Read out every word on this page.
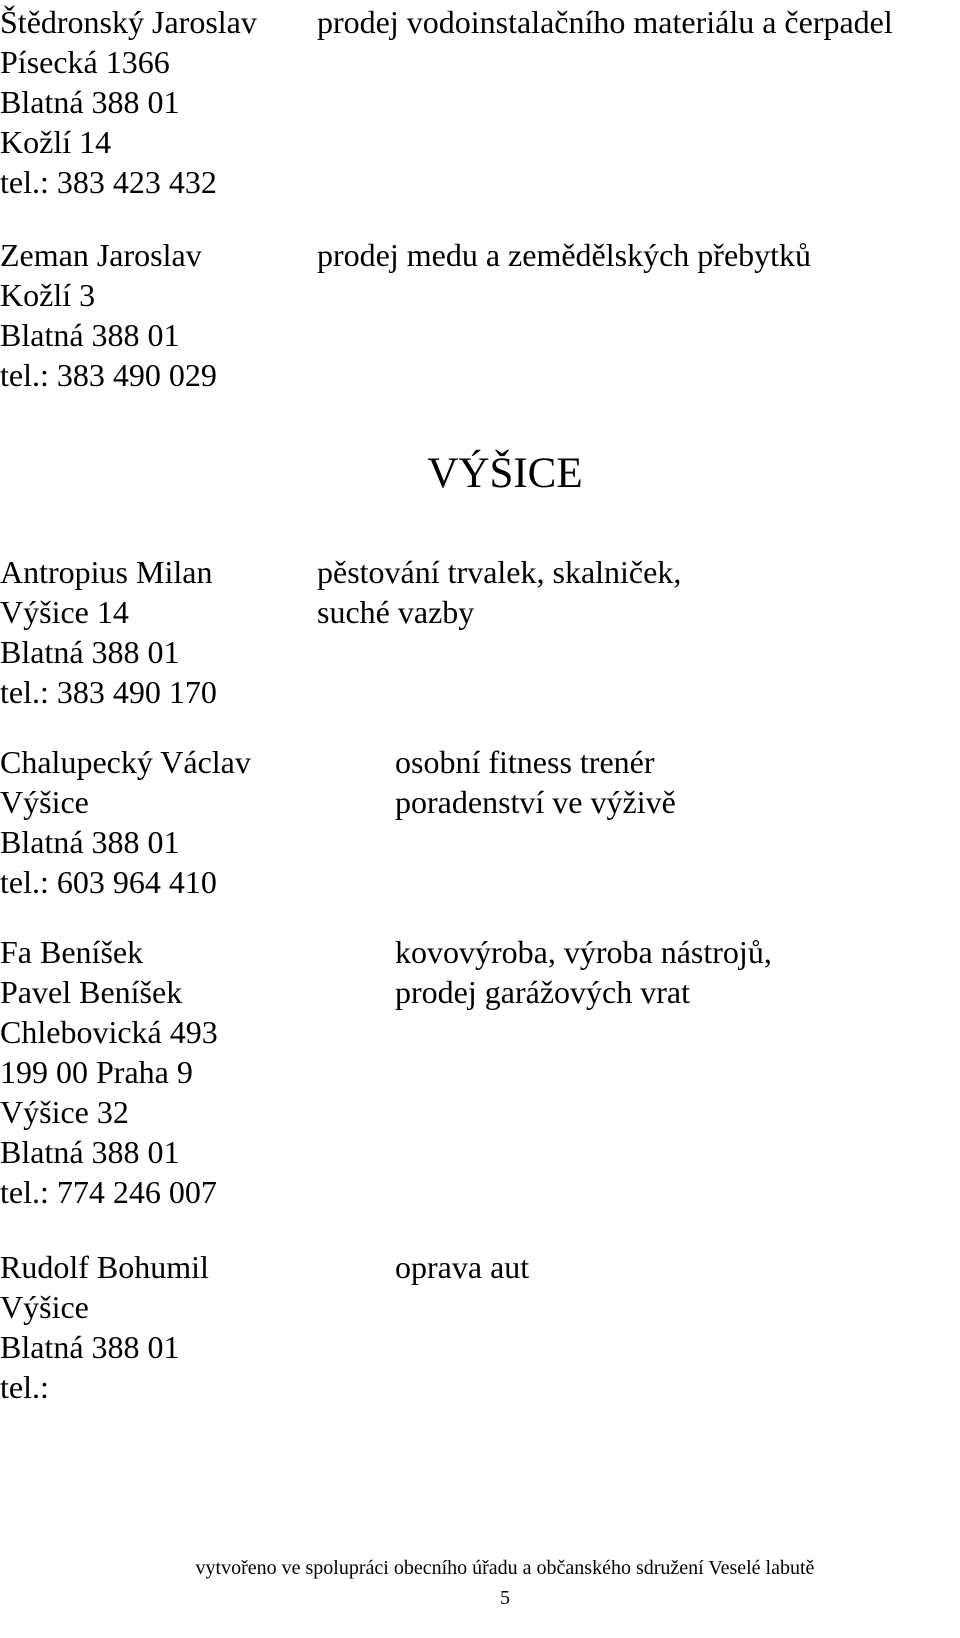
Štědronský Jaroslav
Písecká 1366
Blatná 388 01
Kožlí 14
tel.: 383 423 432
prodej vodoinstalačního materiálu a čerpadel
Zeman Jaroslav
Kožlí 3
Blatná 388 01
tel.: 383 490 029
prodej medu a zemědělských přebytků
VÝŠICE
Antropius Milan
Výšice 14
Blatná 388 01
tel.: 383 490 170
pěstování trvalek, skalniček,
suché vazby
Chalupecký Václav
Výšice
Blatná 388 01
tel.: 603 964 410
osobní fitness trenér
poradenství ve výživě
Fa Beníšek
Pavel Beníšek
Chlebovická 493
199 00 Praha 9
Výšice 32
Blatná 388 01
tel.: 774 246 007
kovovýroba, výroba nástrojů,
prodej garážových vrat
Rudolf Bohumil
Výšice
Blatná 388 01
tel.:
oprava aut
vytvořeno ve spolupráci obecního úřadu a občanského sdružení Veselé labutě
5
